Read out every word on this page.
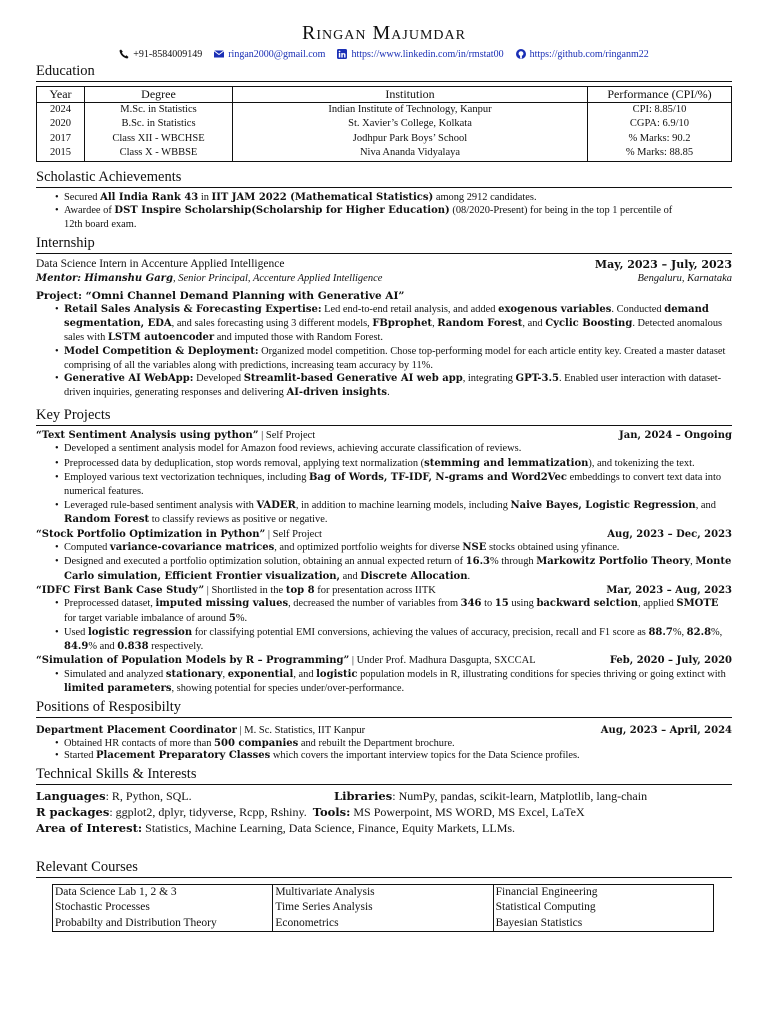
Ringan Majumdar
+91-8584009149	ringan2000@gmail.com	https://www.linkedin.com/in/rmstat00	https://github.com/ringanm22
Education
Year	Degree	Institution	Performance (CPI/%)
2024	M.Sc. in Statistics	Indian Institute of Technology, Kanpur	CPI: 8.85/10
2020	B.Sc. in Statistics	St. Xavier’s College, Kolkata	CGPA: 6.9/10
2017	Class XII - WBCHSE	Jodhpur Park Boys’ School	% Marks: 90.2
2015	Class X - WBBSE	Niva Ananda Vidyalaya	% Marks: 88.85
Scholastic Achievements
• Secured All India Rank 43 in IIT JAM 2022 (Mathematical Statistics) among 2912 candidates.
• Awardee of DST Inspire Scholarship(Scholarship for Higher Education) (08/2020-Present) for being in the top 1 percentile of 12th board exam.
Internship
Data Science Intern in Accenture Applied Intelligence	May, 2023 – July, 2023
Mentor: Himanshu Garg, Senior Principal, Accenture Applied Intelligence	Bengaluru, Karnataka
Project: “Omni Channel Demand Planning with Generative AI”
• Retail Sales Analysis & Forecasting Expertise: Led end-to-end retail analysis, and added exogenous variables. Conducted demand segmentation, EDA, and sales forecasting using 3 different models, FBprophet, Random Forest, and Cyclic Boosting. Detected anomalous sales with LSTM autoencoder and imputed those with Random Forest.
• Model Competition & Deployment: Organized model competition. Chose top-performing model for each article entity key. Created a master dataset comprising of all the variables along with predictions, increasing team accuracy by 11%.
• Generative AI WebApp: Developed Streamlit-based Generative AI web app, integrating GPT-3.5. Enabled user interaction with dataset-driven inquiries, generating responses and delivering AI-driven insights.
Key Projects
“Text Sentiment Analysis using python” | Self Project	Jan, 2024 – Ongoing
• Developed a sentiment analysis model for Amazon food reviews, achieving accurate classification of reviews.
• Preprocessed data by deduplication, stop words removal, applying text normalization (stemming and lemmatization), and tokenizing the text.
• Employed various text vectorization techniques, including Bag of Words, TF-IDF, N-grams and Word2Vec embeddings to convert text data into numerical features.
• Leveraged rule-based sentiment analysis with VADER, in addition to machine learning models, including Naive Bayes, Logistic Regression, and Random Forest to classify reviews as positive or negative.
“Stock Portfolio Optimization in Python” | Self Project	Aug, 2023 – Dec, 2023
• Computed variance-covariance matrices, and optimized portfolio weights for diverse NSE stocks obtained using yfinance.
• Designed and executed a portfolio optimization solution, obtaining an annual expected return of 16.3% through Markowitz Portfolio Theory, Monte Carlo simulation, Efficient Frontier visualization, and Discrete Allocation.
“IDFC First Bank Case Study” | Shortlisted in the top 8 for presentation across IITK	Mar, 2023 – Aug, 2023
• Preprocessed dataset, imputed missing values, decreased the number of variables from 346 to 15 using backward selction, applied SMOTE for target variable imbalance of around 5%.
• Used logistic regression for classifying potential EMI conversions, achieving the values of accuracy, precision, recall and F1 score as 88.7%, 82.8%, 84.9% and 0.838 respectively.
“Simulation of Population Models by R – Programming” | Under Prof. Madhura Dasgupta, SXCCAL	Feb, 2020 – July, 2020
• Simulated and analyzed stationary, exponential, and logistic population models in R, illustrating conditions for species thriving or going extinct with limited parameters, showing potential for species under/over-performance.
Positions of Resposibilty
Department Placement Coordinator | M. Sc. Statistics, IIT Kanpur	Aug, 2023 – April, 2024
• Obtained HR contacts of more than 500 companies and rebuilt the Department brochure.
• Started Placement Preparatory Classes which covers the important interview topics for the Data Science profiles.
Technical Skills & Interests
Languages: R, Python, SQL.	Libraries: NumPy, pandas, scikit-learn, Matplotlib, lang-chain
R packages: ggplot2, dplyr, tidyverse, Rcpp, Rshiny. Tools: MS Powerpoint, MS WORD, MS Excel, LaTeX
Area of Interest: Statistics, Machine Learning, Data Science, Finance, Equity Markets, LLMs.
Relevant Courses
Data Science Lab 1, 2 & 3	Multivariate Analysis	Financial Engineering
Stochastic Processes	Time Series Analysis	Statistical Computing
Probabilty and Distribution Theory	Econometrics	Bayesian Statistics
